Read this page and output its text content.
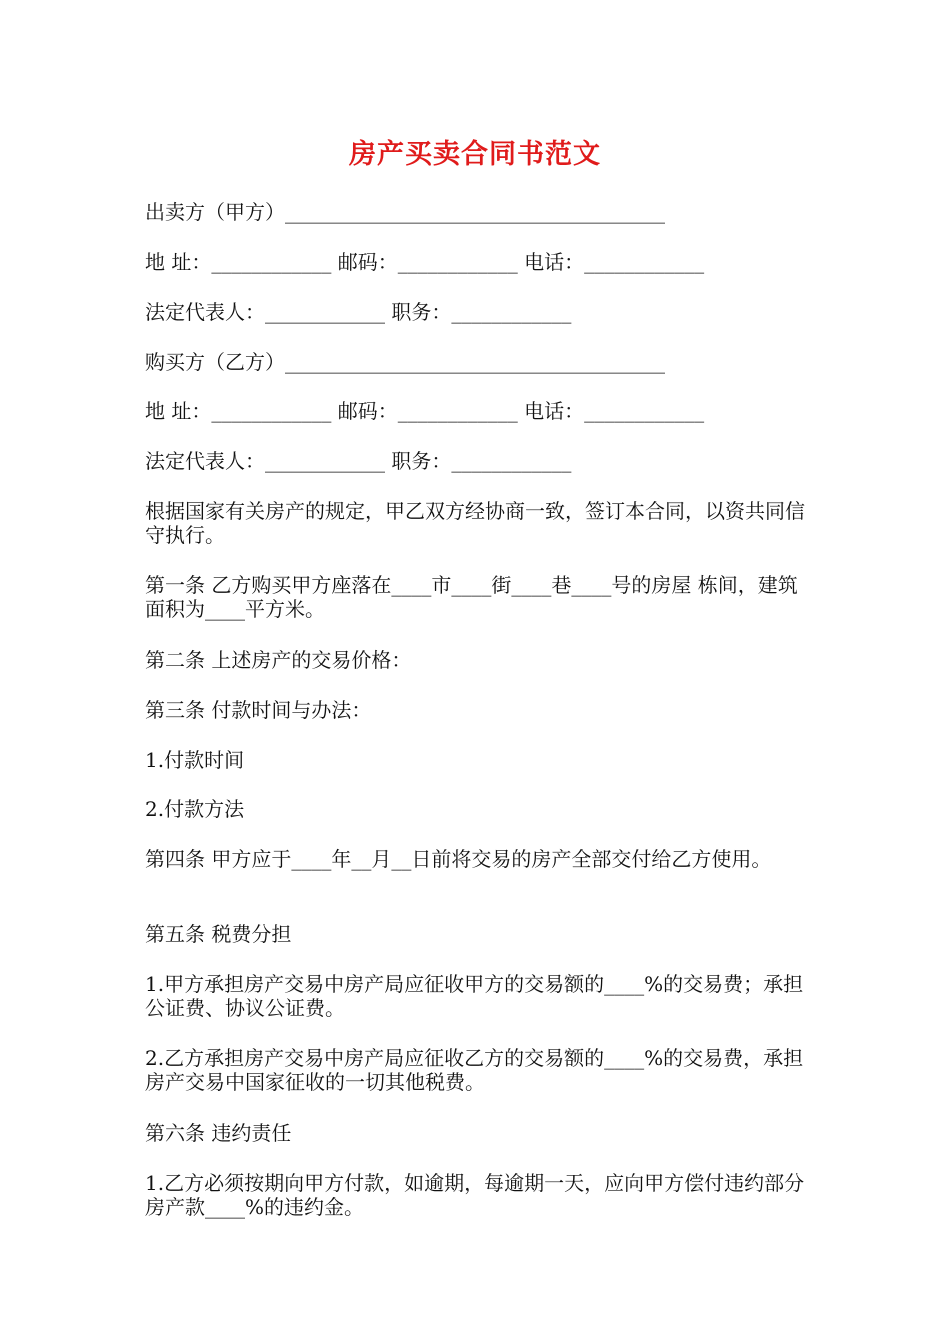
房产买卖合同书范文
出卖方（甲方）______________________________________
地 址：____________ 邮码：____________ 电话：____________
法定代表人：____________ 职务：____________
购买方（乙方）______________________________________
地 址：____________ 邮码：____________ 电话：____________
法定代表人：____________ 职务：____________
根据国家有关房产的规定，甲乙双方经协商一致，签订本合同，以资共同信守执行。
第一条 乙方购买甲方座落在____市____街____巷____号的房屋 栋间，建筑面积为____平方米。
第二条 上述房产的交易价格：
第三条 付款时间与办法：
1.付款时间
2.付款方法
第四条 甲方应于____年__月__日前将交易的房产全部交付给乙方使用。
第五条 税费分担
1.甲方承担房产交易中房产局应征收甲方的交易额的____%的交易费；承担公证费、协议公证费。
2.乙方承担房产交易中房产局应征收乙方的交易额的____%的交易费，承担房产交易中国家征收的一切其他税费。
第六条 违约责任
1.乙方必须按期向甲方付款，如逾期，每逾期一天，应向甲方偿付违约部分房产款____%的违约金。
